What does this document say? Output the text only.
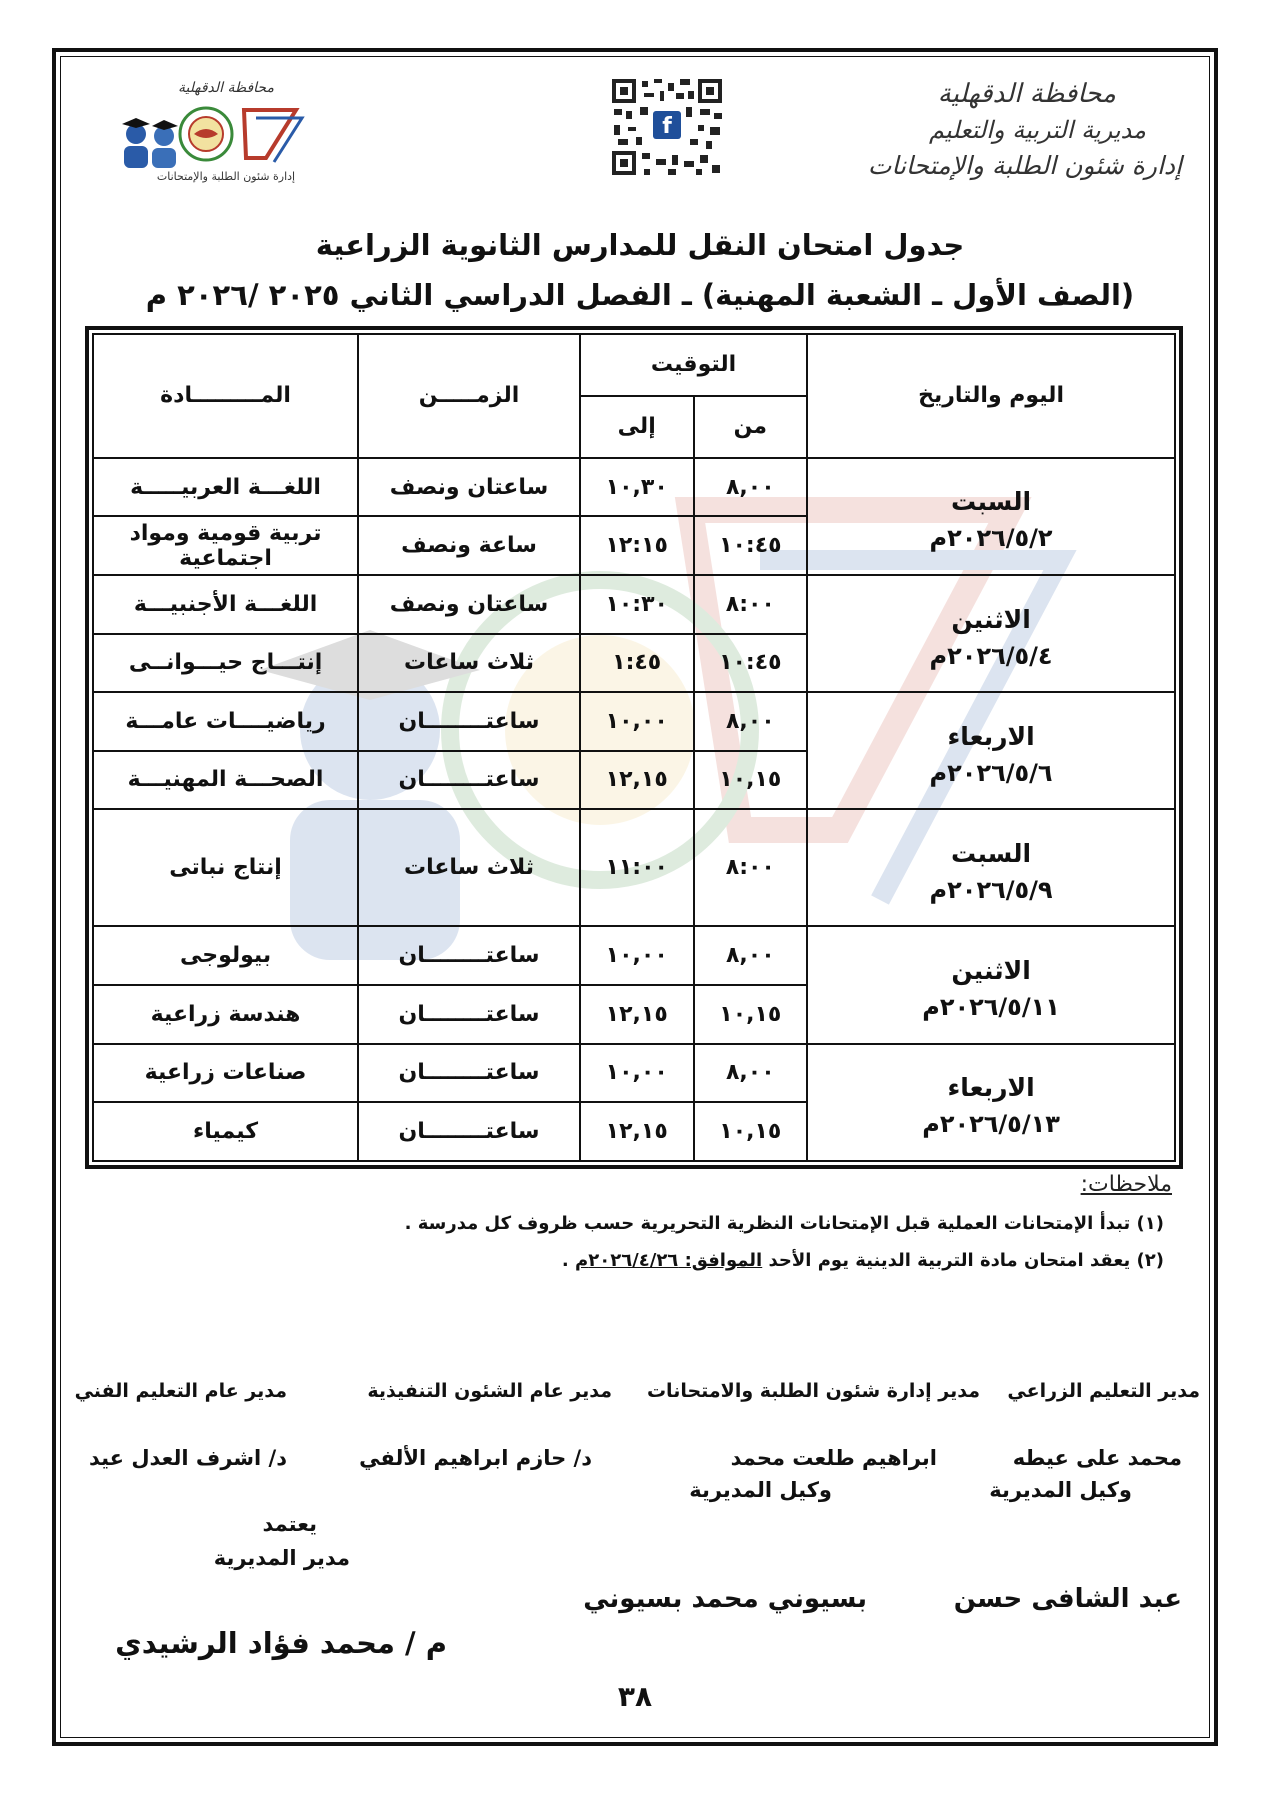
محافظة الدقهلية
مديرية التربية والتعليم
إدارة شئون الطلبة والإمتحانات
f
محافظة الدقهلية
إدارة شئون الطلبة والإمتحانات
جدول امتحان النقل للمدارس الثانوية الزراعية
(الصف الأول ـ الشعبة المهنية) ـ الفصل الدراسي الثاني ٢٠٢٥ /٢٠٢٦ م
اليوم والتاريخ	التوقيت		الزمـــــن	المـــــــــادة
	من	إلى		

السبت
٢٠٢٦/٥/٢م	٨,٠٠	١٠,٣٠	ساعتان ونصف	اللغـــة العربيـــــة
	١٠:٤٥	١٢:١٥	ساعة ونصف	تربية قومية ومواد اجتماعية

الاثنين
٢٠٢٦/٥/٤م	٨:٠٠	١٠:٣٠	ساعتان ونصف	اللغـــة الأجنبيـــة
	١٠:٤٥	١:٤٥	ثلاث ساعات	إنتـــاج حيـــوانــى

الاربعاء
٢٠٢٦/٥/٦م	٨,٠٠	١٠,٠٠	ساعتــــــــان	رياضيــــات عامـــة
	١٠,١٥	١٢,١٥	ساعتــــــــان	الصحـــة المهنيـــة

السبت
٢٠٢٦/٥/٩م	٨:٠٠	١١:٠٠	ثلاث ساعات	إنتاج نباتى

الاثنين
٢٠٢٦/٥/١١م	٨,٠٠	١٠,٠٠	ساعتــــــــان	بيولوجى
	١٠,١٥	١٢,١٥	ساعتــــــــان	هندسة زراعية

الاربعاء
٢٠٢٦/٥/١٣م	٨,٠٠	١٠,٠٠	ساعتــــــــان	صناعات زراعية
	١٠,١٥	١٢,١٥	ساعتــــــــان	كيمياء
ملاحظات:
(١) تبدأ الإمتحانات العملية قبل الإمتحانات النظرية التحريرية حسب ظروف كل مدرسة .
(٢) يعقد امتحان مادة التربية الدينية يوم الأحد الموافق: ٢٠٢٦/٤/٢٦م .
مدير التعليم الزراعي
مدير إدارة شئون الطلبة والامتحانات
مدير عام الشئون التنفيذية
مدير عام التعليم الفني
محمد على عيطه
وكيل المديرية
ابراهيم طلعت محمد
وكيل المديرية
د/ حازم ابراهيم الألفي
د/ اشرف العدل عيد
يعتمد
مدير المديرية
عبد الشافى حسن
بسيوني محمد بسيوني
م / محمد فؤاد الرشيدي
٣٨
